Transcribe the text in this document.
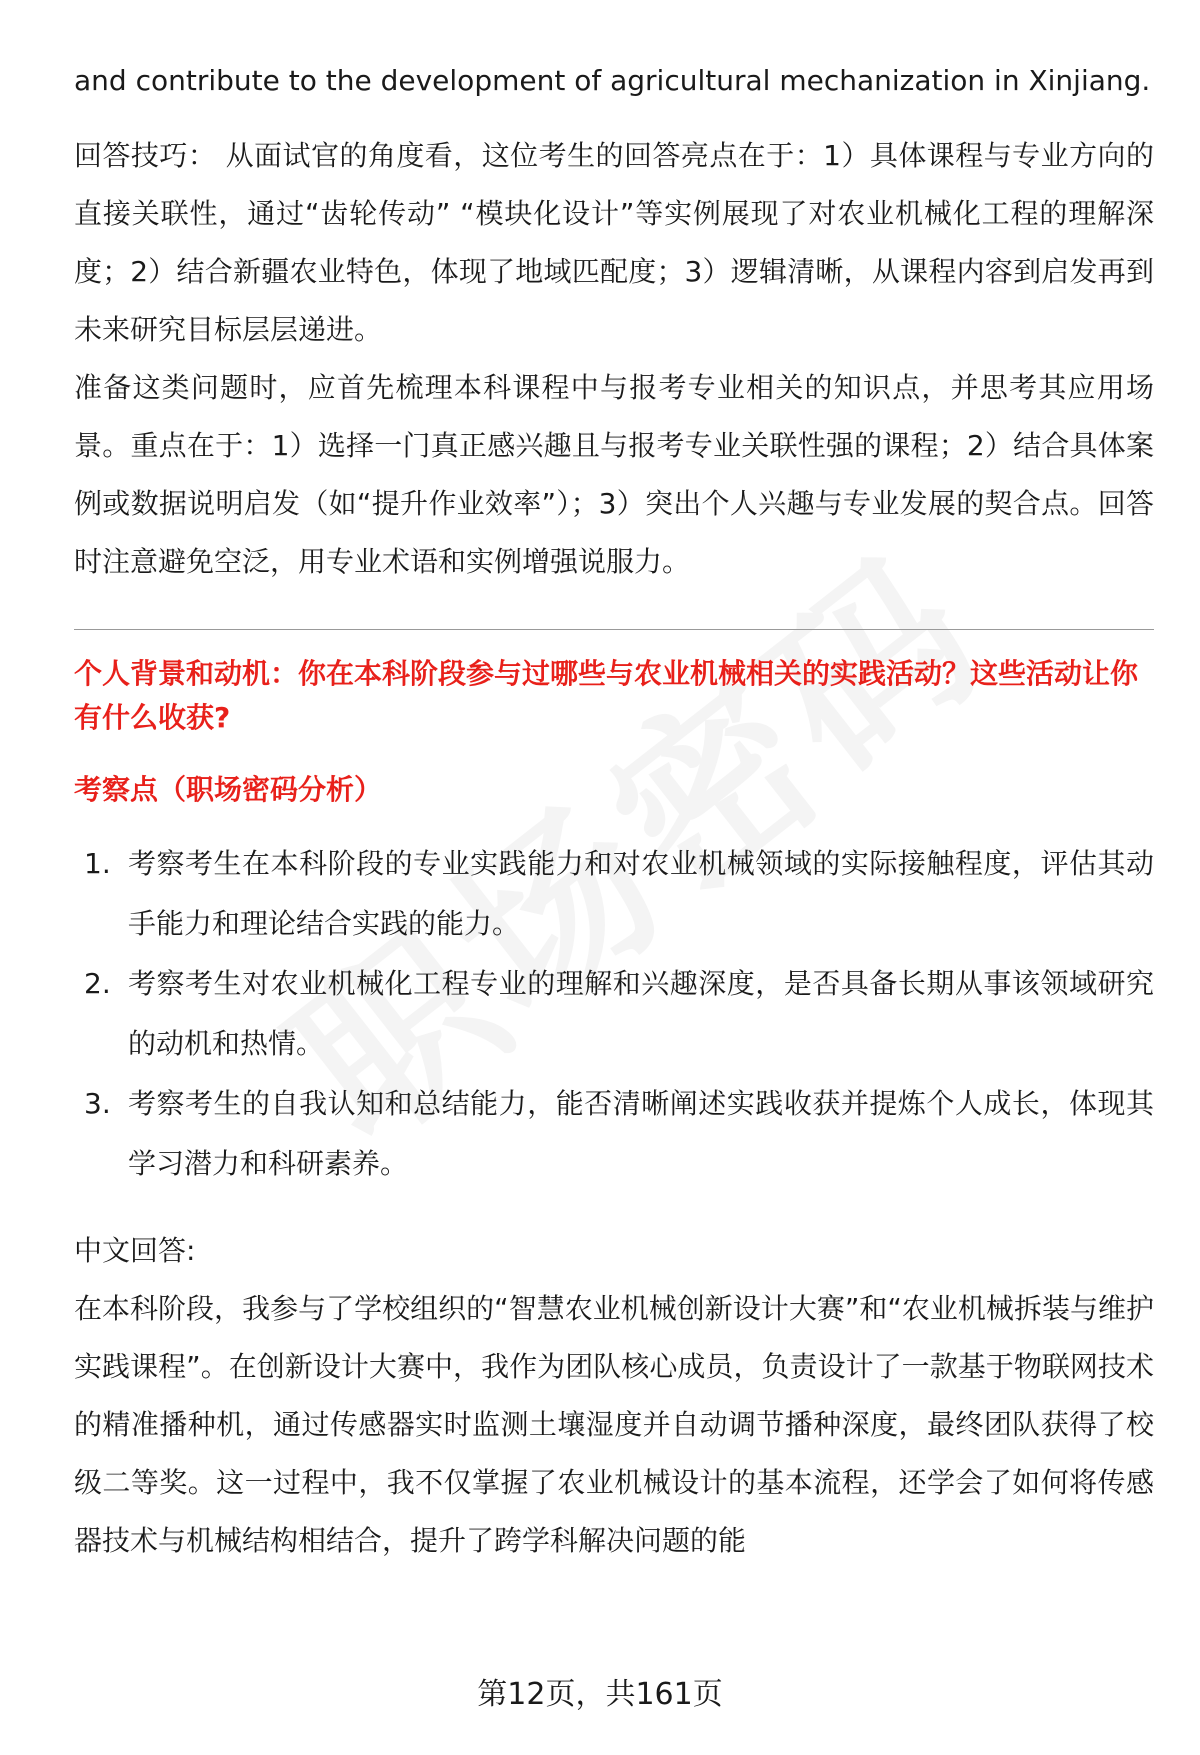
and contribute to the development of agricultural mechanization in Xinjiang.

回答技巧： 从面试官的角度看，这位考生的回答亮点在于：1）具体课程与专业方向的直接关联性，通过“齿轮传动” “模块化设计”等实例展现了对农业机械化工程的理解深度；2）结合新疆农业特色，体现了地域匹配度；3）逻辑清晰，从课程内容到启发再到未来研究目标层层递进。

准备这类问题时，应首先梳理本科课程中与报考专业相关的知识点，并思考其应用场景。重点在于：1）选择一门真正感兴趣且与报考专业关联性强的课程；2）结合具体案例或数据说明启发（如“提升作业效率”）；3）突出个人兴趣与专业发展的契合点。回答时注意避免空泛，用专业术语和实例增强说服力。

个人背景和动机：你在本科阶段参与过哪些与农业机械相关的实践活动？这些活动让你有什么收获?

考察点（职场密码分析）

1. 考察考生在本科阶段的专业实践能力和对农业机械领域的实际接触程度，评估其动手能力和理论结合实践的能力。
2. 考察考生对农业机械化工程专业的理解和兴趣深度，是否具备长期从事该领域研究的动机和热情。
3. 考察考生的自我认知和总结能力，能否清晰阐述实践收获并提炼个人成长，体现其学习潜力和科研素养。

中文回答:

在本科阶段，我参与了学校组织的“智慧农业机械创新设计大赛”和“农业机械拆装与维护实践课程”。在创新设计大赛中，我作为团队核心成员，负责设计了一款基于物联网技术的精准播种机，通过传感器实时监测土壤湿度并自动调节播种深度，最终团队获得了校级二等奖。这一过程中，我不仅掌握了农业机械设计的基本流程，还学会了如何将传感器技术与机械结构相结合，提升了跨学科解决问题的能

第12页，共161页
